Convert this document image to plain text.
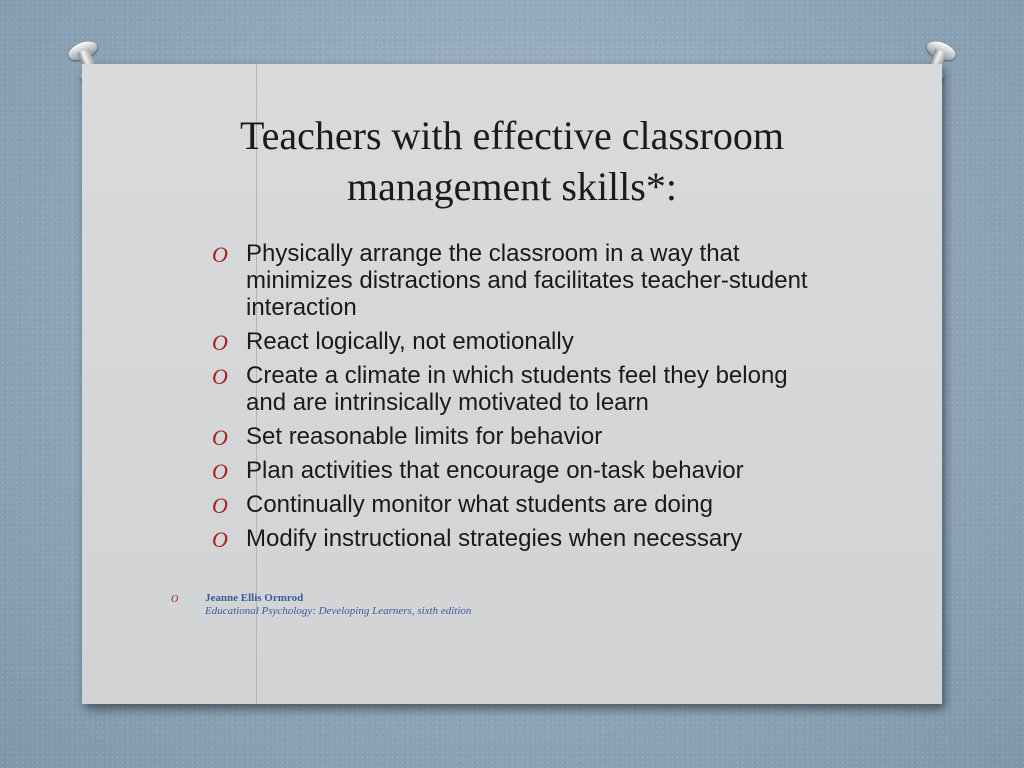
Teachers with effective classroom management skills*:
O Physically arrange the classroom in a way that minimizes distractions and facilitates teacher-student interaction
O React logically, not emotionally
O Create a climate in which students feel they belong and are intrinsically motivated to learn
O Set reasonable limits for behavior
O Plan activities that encourage on-task behavior
O Continually monitor what students are doing
O Modify instructional strategies when necessary
O Jeanne Ellis Ormrod
Educational Psychology: Developing Learners, sixth edition
